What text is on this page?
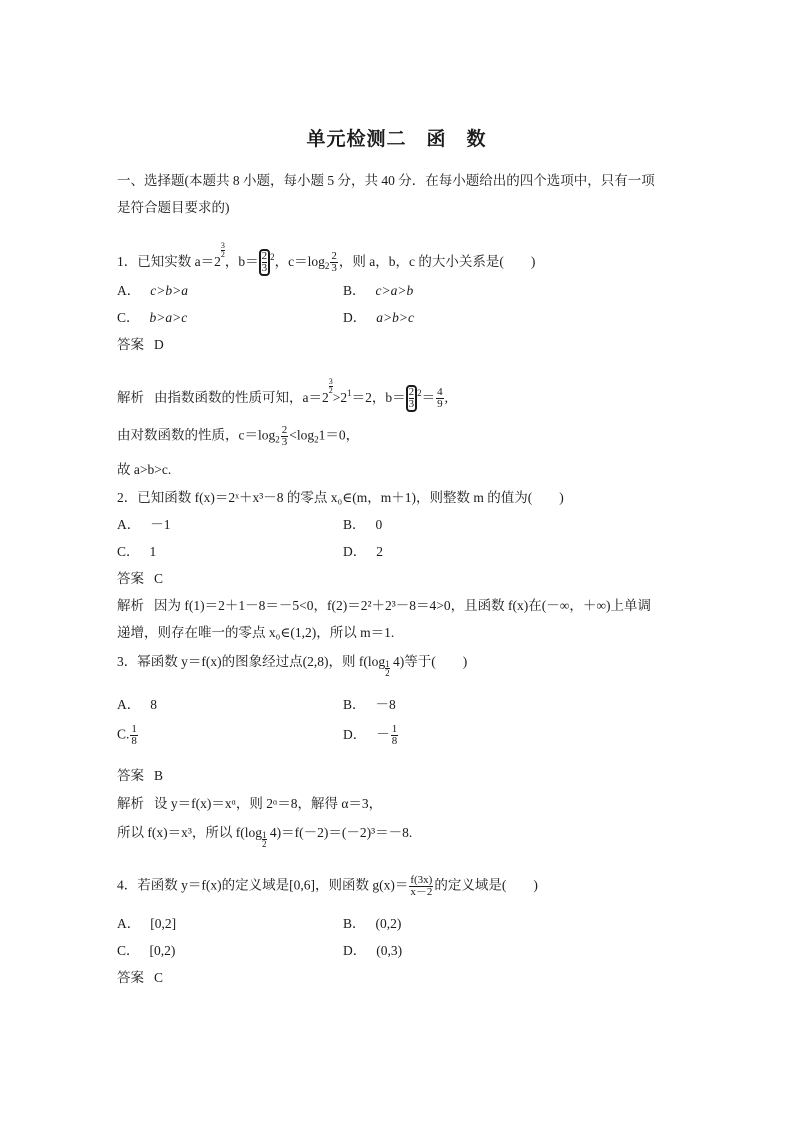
单元检测二　函　数
一、选择题(本题共 8 小题，每小题 5 分，共 40 分．在每小题给出的四个选项中，只有一项
是符合题目要求的)
1．已知实数 a＝2
$\frac{3}{2}$
，$b= \frac{2}{3} ^2$，$c=\log_2 \frac{2}{3}$ ，则 a，b，c 的大小关系是(　　)
A． c>b>a	B． c>a>b
C． b>a>c	D． a>b>c
答案 D
解析 由指数函数的性质可知，a＝2
$\frac{3}{2}$
$>2^1=2$，$b= \frac{2}{3} ^2= \frac{4}{9}$ ,
由对数函数的性质，$c=\log_2 \frac{2}{3} <\log_21=0$，
故 a>b>c.
2．已知函数 f(x)＝2ˣ＋x³－8 的零点 x₀∈(m，m＋1)，则整数 m 的值为(　　)
A． －1	B． 0
C． 1	D． 2
答案 C
解析 因为 f(1)＝2＋1－8＝－5<0，f(2)＝2²＋2³－8＝4>0，且函数 f(x)在(－∞，＋∞)上单调
递增，则存在唯一的零点 x₀∈(1,2)，所以 m＝1.
3．幂函数 y＝f(x)的图象经过点(2,8)，则 $f(\log \frac{1}{2} 4)$等于(　　)
A． 8	B． －8
C. $\frac{1}{8}$	D． － $\frac{1}{8}$
答案 B
解析 设 y＝f(x)＝xᵅ，则 2ᵅ＝8，解得 α＝3，
所以 f(x)＝x³，所以 $f(\log \frac{1}{2} 4)=f(-2)=(-2)^3=-8$.
4．若函数 y＝f(x)的定义域是[0,6]，则函数 $g(x)= \frac{f(3x)}{x-2}$ 的定义域是(　　)
A． [0,2]	B． (0,2)
C． [0,2)	D． (0,3)
答案 C
